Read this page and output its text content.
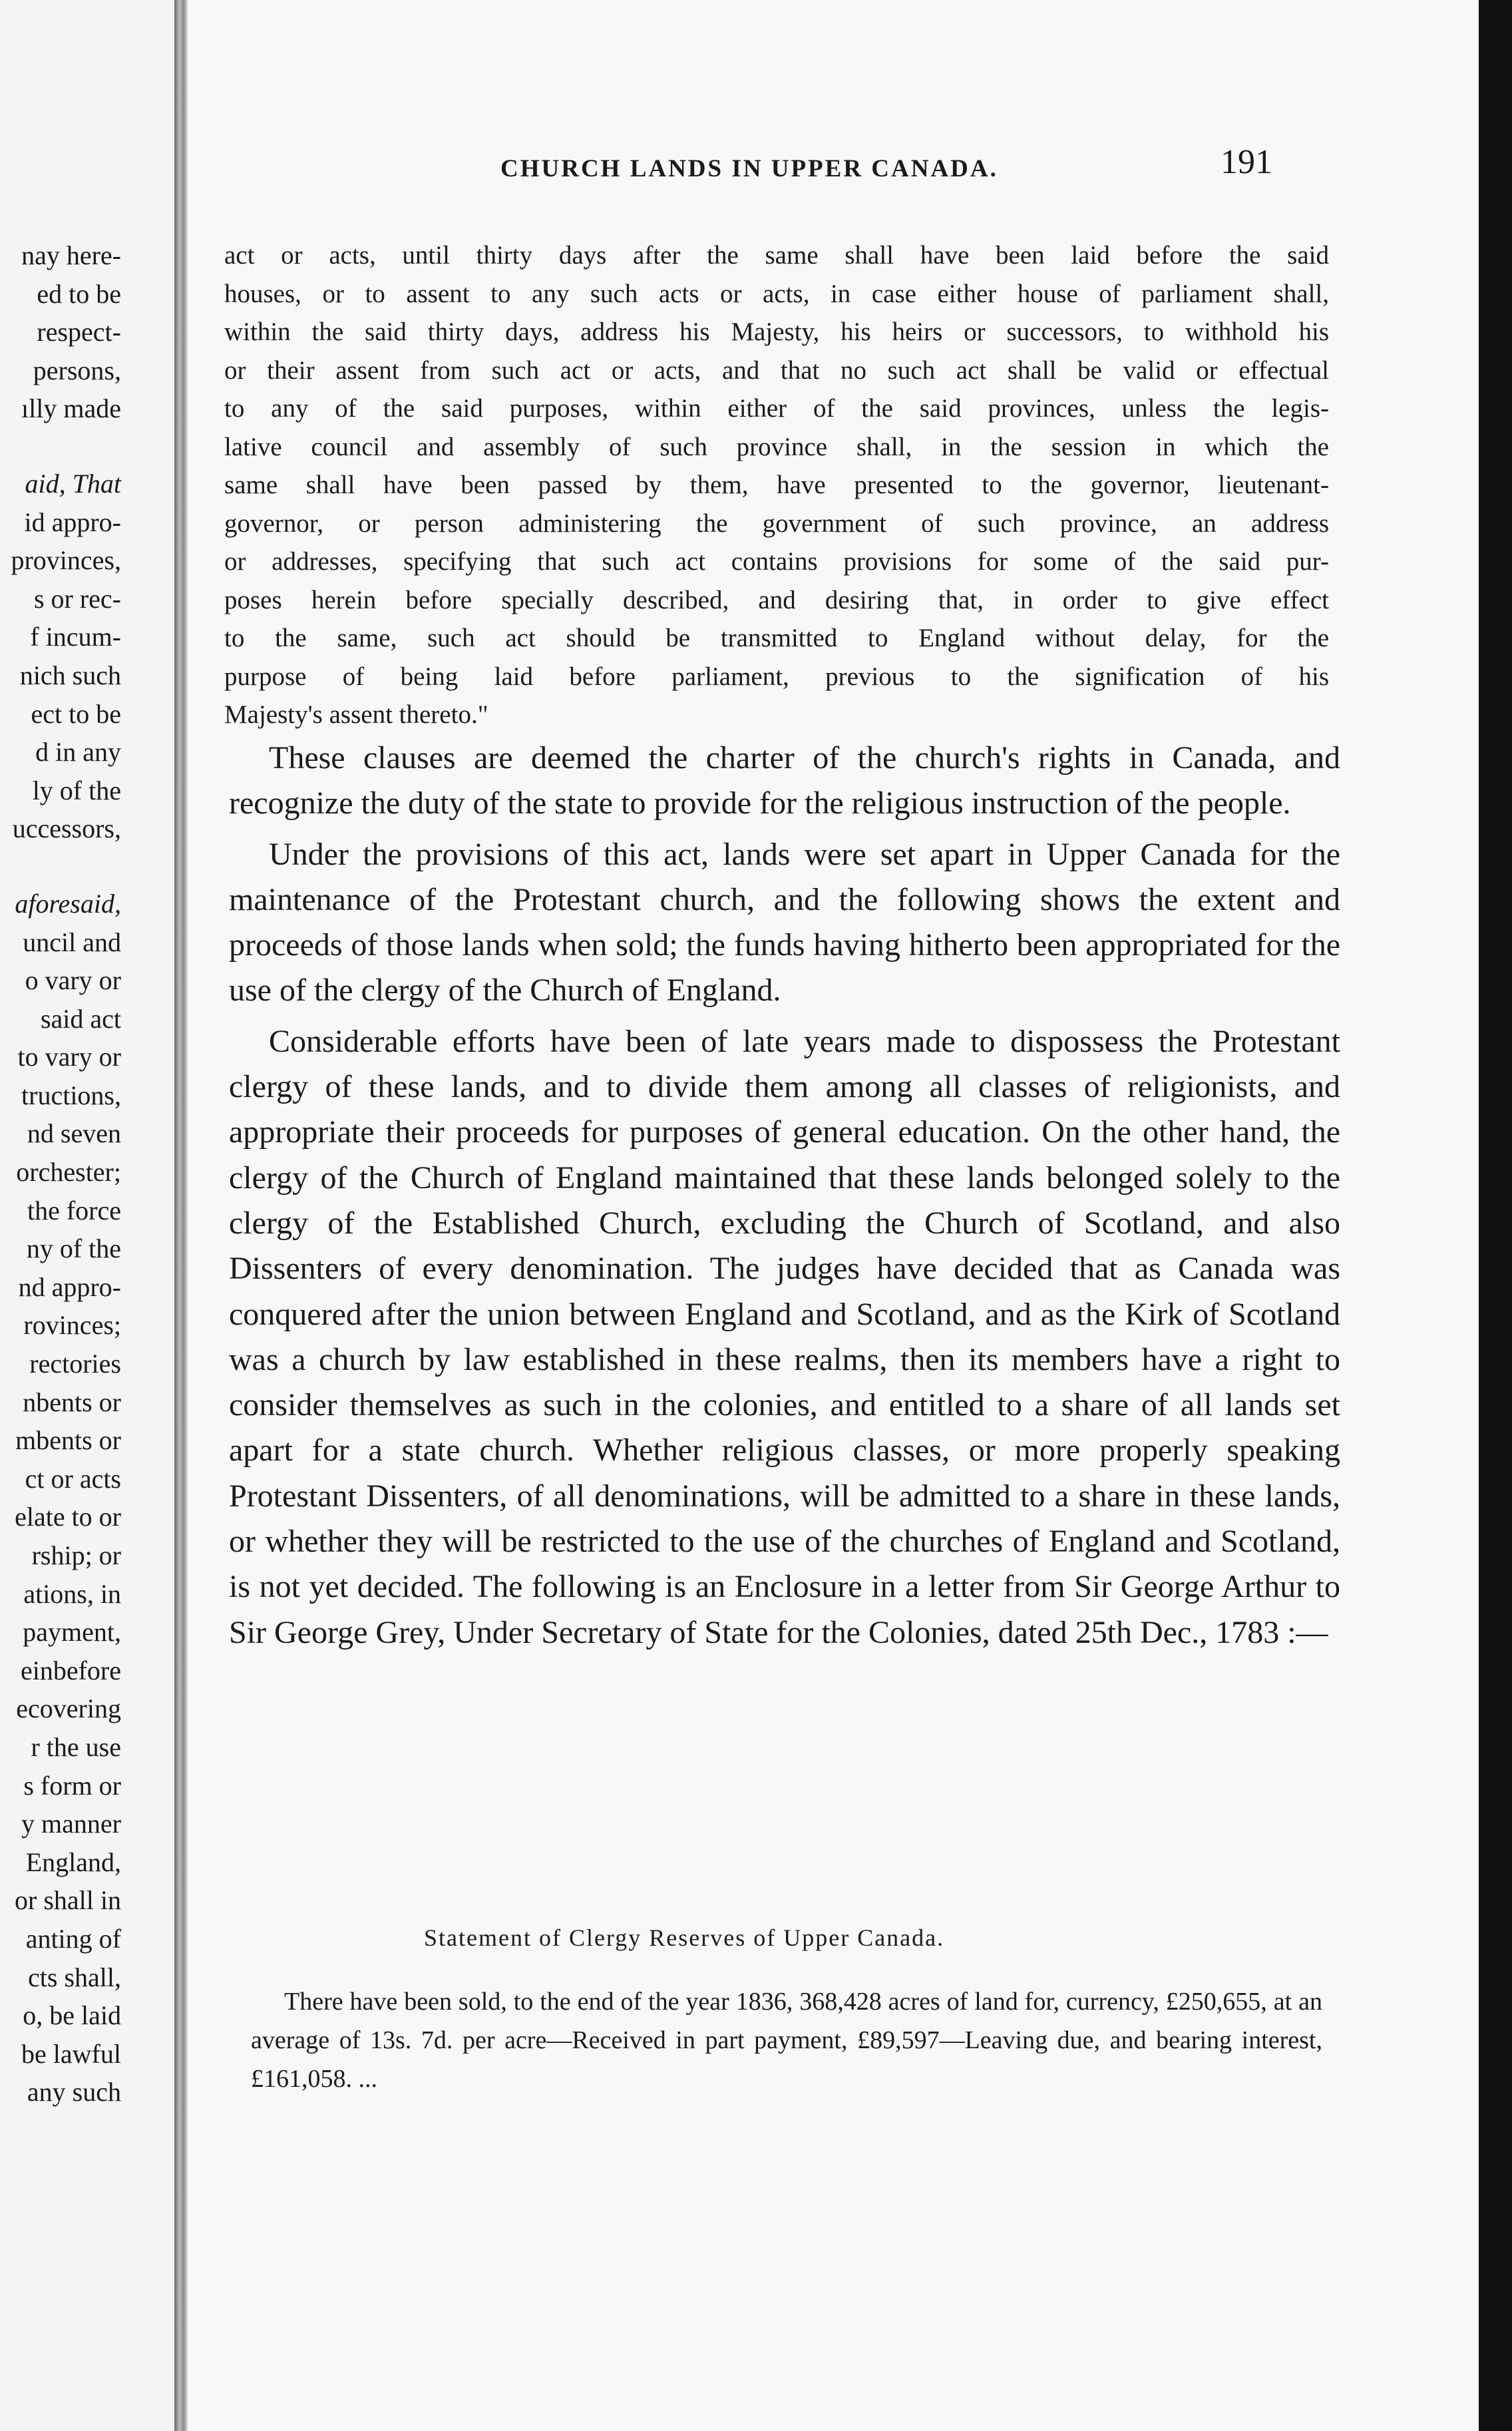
nay here-
ed to be
respect-
persons,
ılly made
aid, That
id appro-
provinces,
s or rec-
f incum-
nich such
ect to be
d in any
ly of the
uccessors,
aforesaid,
uncil and
o vary or
said act
to vary or
tructions,
nd seven
orchester;
the force
ny of the
nd appro-
rovinces;
rectories
nbents or
mbents or
ct or acts
elate to or
rship; or
ations, in
payment,
einbefore
ecovering
r the use
s form or
y manner
England,
or shall in
anting of
cts shall,
o, be laid
be lawful
any such
CHURCH LANDS IN UPPER CANADA.	191
act or acts, until thirty days after the same shall have been laid before the said
houses, or to assent to any such acts or acts, in case either house of parliament shall,
within the said thirty days, address his Majesty, his heirs or successors, to withhold his
or their assent from such act or acts, and that no such act shall be valid or effectual
to any of the said purposes, within either of the said provinces, unless the legis-
lative council and assembly of such province shall, in the session in which the
same shall have been passed by them, have presented to the governor, lieutenant-
governor, or person administering the government of such province, an address
or addresses, specifying that such act contains provisions for some of the said pur-
poses herein before specially described, and desiring that, in order to give effect
to the same, such act should be transmitted to England without delay, for the
purpose of being laid before parliament, previous to the signification of his
Majesty's assent thereto."

These clauses are deemed the charter of the church's rights in Canada, and recognize the duty of the state to provide for the religious instruction of the people.

Under the provisions of this act, lands were set apart in Upper Canada for the maintenance of the Protestant church, and the following shows the extent and proceeds of those lands when sold; the funds having hitherto been appropriated for the use of the clergy of the Church of England.

Considerable efforts have been of late years made to dispossess the Protestant clergy of these lands, and to divide them among all classes of religionists, and appropriate their proceeds for purposes of general education. On the other hand, the clergy of the Church of England maintained that these lands belonged solely to the clergy of the Established Church, excluding the Church of Scotland, and also Dissenters of every denomination. The judges have decided that as Canada was conquered after the union between England and Scotland, and as the Kirk of Scotland was a church by law established in these realms, then its members have a right to consider themselves as such in the colonies, and entitled to a share of all lands set apart for a state church. Whether religious classes, or more properly speaking Protestant Dissenters, of all denominations, will be admitted to a share in these lands, or whether they will be restricted to the use of the churches of England and Scotland, is not yet decided. The following is an Enclosure in a letter from Sir George Arthur to Sir George Grey, Under Secretary of State for the Colonies, dated 25th Dec., 1783 :—

Statement of Clergy Reserves of Upper Canada.
There have been sold, to the end of the year 1836, 368,428 acres of land for, currency, £250,655, at an average of 13s. 7d. per acre—Received in part payment, £89,597—Leaving due, and bearing interest, £161,058. ...
